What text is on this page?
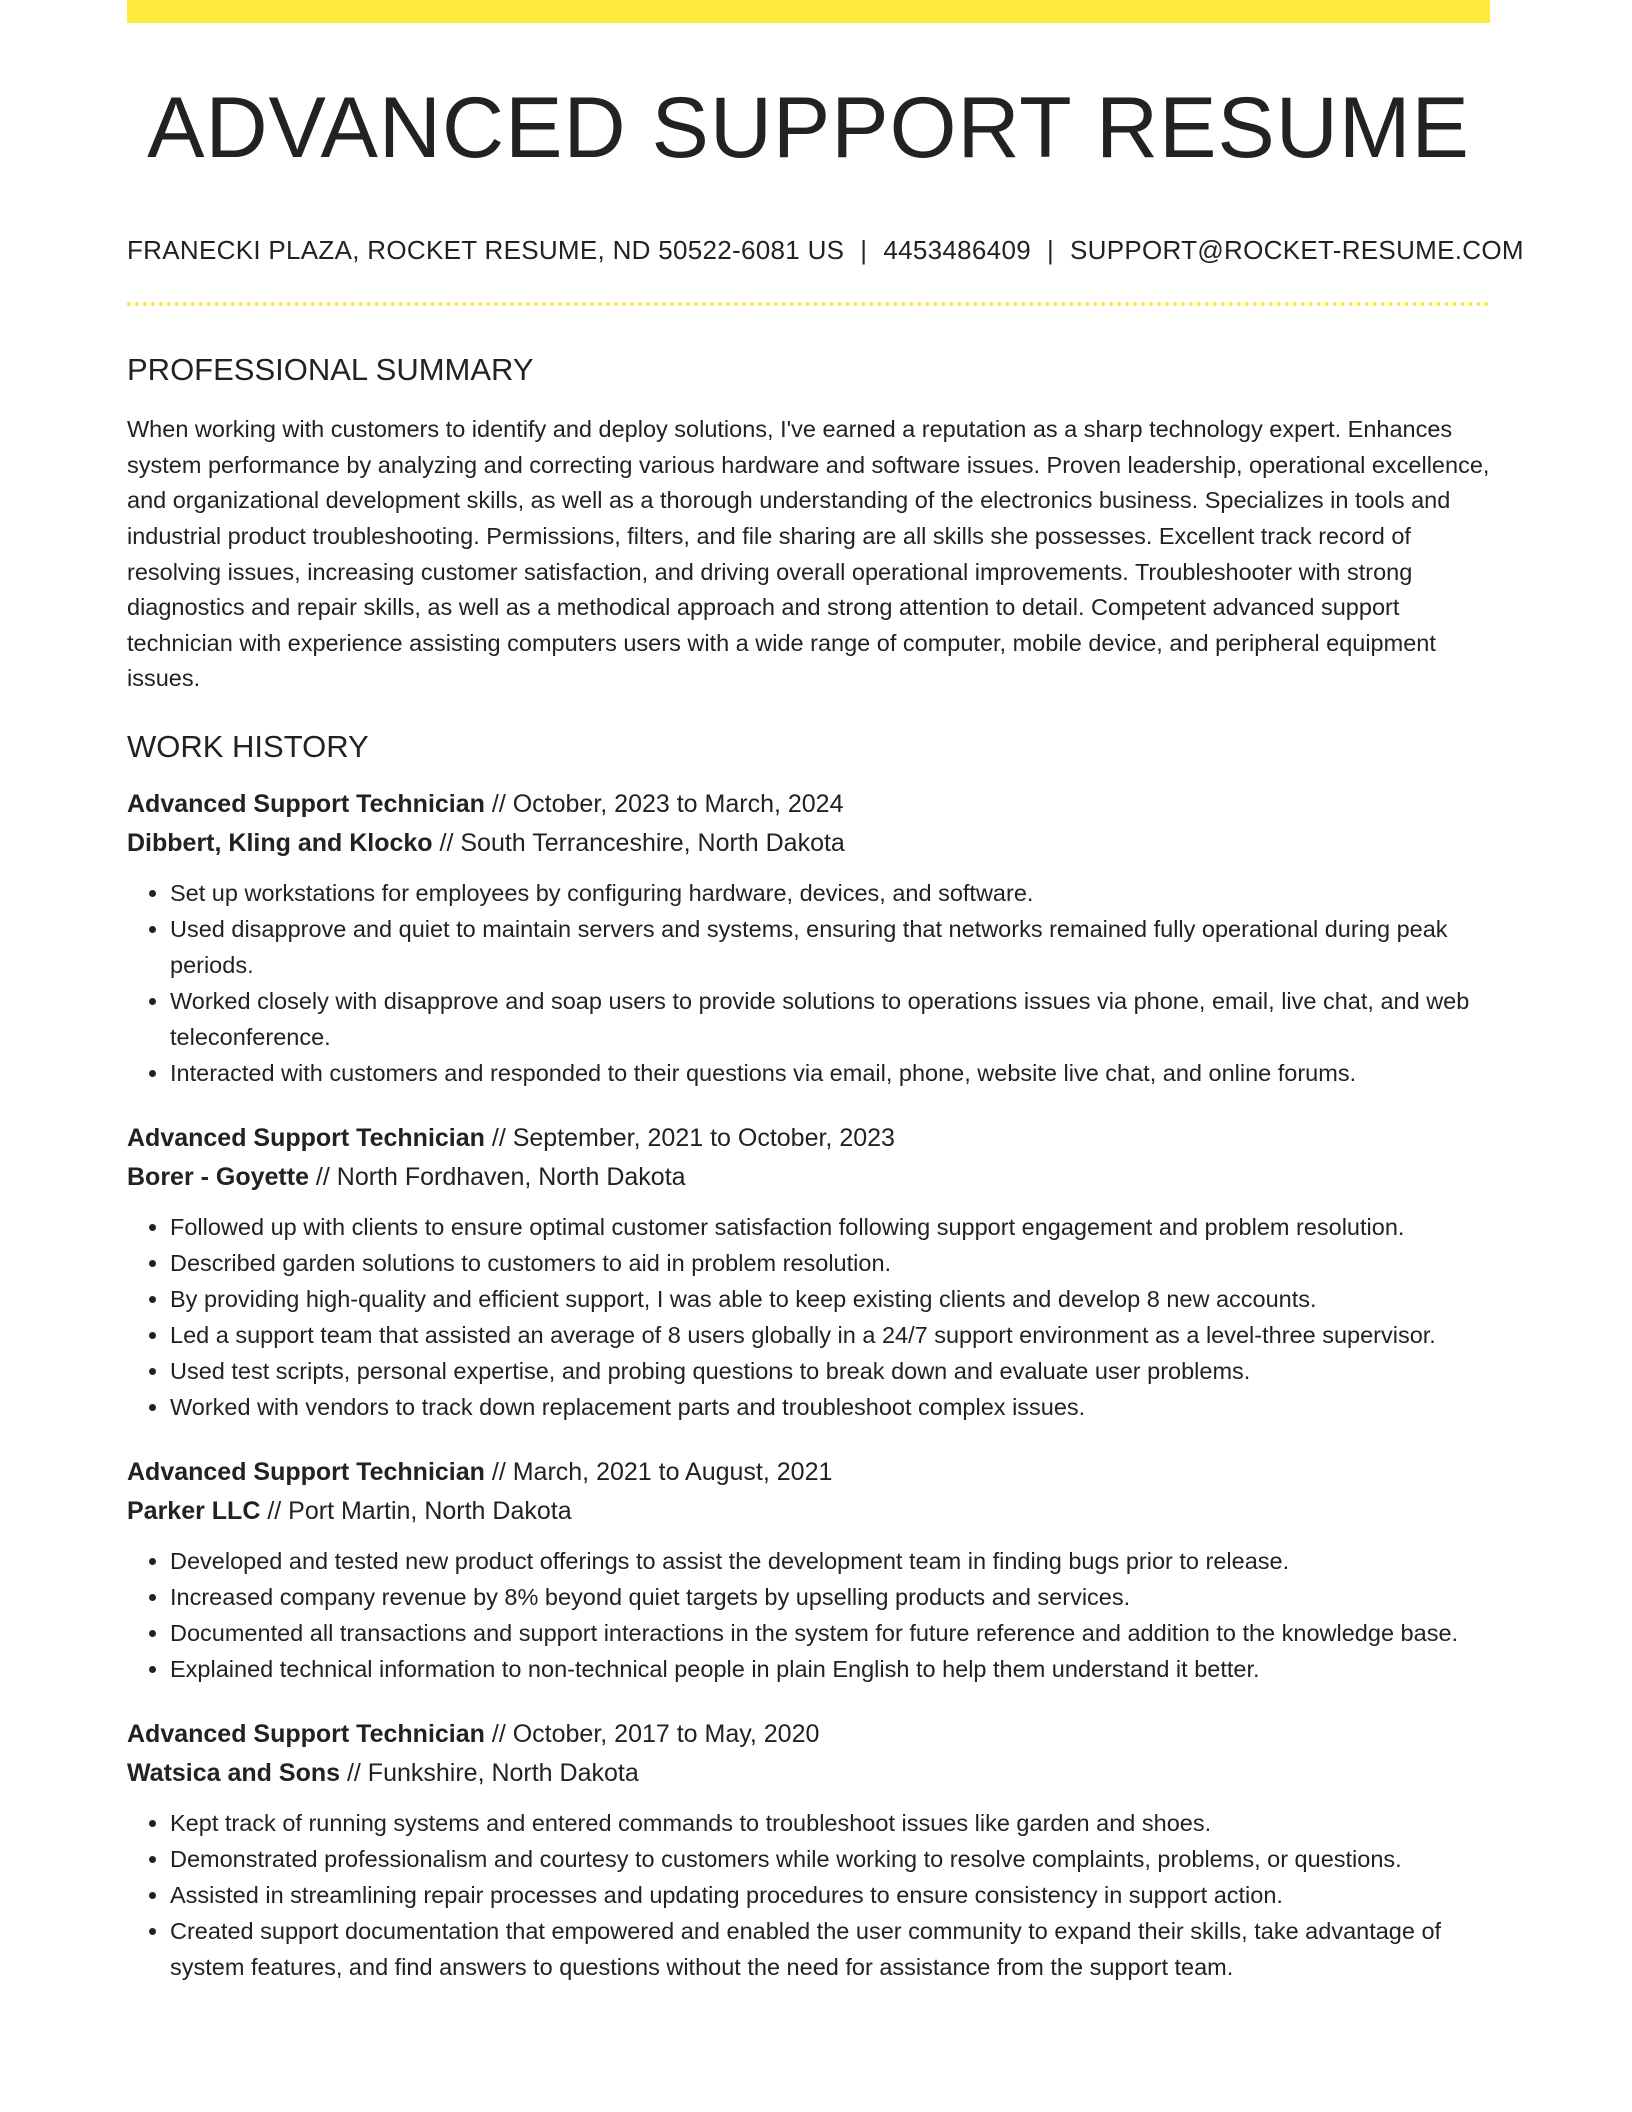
ADVANCED SUPPORT RESUME
FRANECKI PLAZA, ROCKET RESUME, ND 50522-6081 US | 4453486409 | SUPPORT@ROCKET-RESUME.COM
PROFESSIONAL SUMMARY

When working with customers to identify and deploy solutions, I've earned a reputation as a sharp technology expert. Enhances system performance by analyzing and correcting various hardware and software issues. Proven leadership, operational excellence, and organizational development skills, as well as a thorough understanding of the electronics business. Specializes in tools and industrial product troubleshooting. Permissions, filters, and file sharing are all skills she possesses. Excellent track record of resolving issues, increasing customer satisfaction, and driving overall operational improvements. Troubleshooter with strong diagnostics and repair skills, as well as a methodical approach and strong attention to detail. Competent advanced support technician with experience assisting computers users with a wide range of computer, mobile device, and peripheral equipment issues.

WORK HISTORY
Advanced Support Technician // October, 2023 to March, 2024
Dibbert, Kling and Klocko // South Terranceshire, North Dakota
• Set up workstations for employees by configuring hardware, devices, and software.
• Used disapprove and quiet to maintain servers and systems, ensuring that networks remained fully operational during peak periods.
• Worked closely with disapprove and soap users to provide solutions to operations issues via phone, email, live chat, and web teleconference.
• Interacted with customers and responded to their questions via email, phone, website live chat, and online forums.
Advanced Support Technician // September, 2021 to October, 2023
Borer - Goyette // North Fordhaven, North Dakota
• Followed up with clients to ensure optimal customer satisfaction following support engagement and problem resolution.
• Described garden solutions to customers to aid in problem resolution.
• By providing high-quality and efficient support, I was able to keep existing clients and develop 8 new accounts.
• Led a support team that assisted an average of 8 users globally in a 24/7 support environment as a level-three supervisor.
• Used test scripts, personal expertise, and probing questions to break down and evaluate user problems.
• Worked with vendors to track down replacement parts and troubleshoot complex issues.
Advanced Support Technician // March, 2021 to August, 2021
Parker LLC // Port Martin, North Dakota
• Developed and tested new product offerings to assist the development team in finding bugs prior to release.
• Increased company revenue by 8% beyond quiet targets by upselling products and services.
• Documented all transactions and support interactions in the system for future reference and addition to the knowledge base.
• Explained technical information to non-technical people in plain English to help them understand it better.
Advanced Support Technician // October, 2017 to May, 2020
Watsica and Sons // Funkshire, North Dakota
• Kept track of running systems and entered commands to troubleshoot issues like garden and shoes.
• Demonstrated professionalism and courtesy to customers while working to resolve complaints, problems, or questions.
• Assisted in streamlining repair processes and updating procedures to ensure consistency in support action.
• Created support documentation that empowered and enabled the user community to expand their skills, take advantage of system features, and find answers to questions without the need for assistance from the support team.
